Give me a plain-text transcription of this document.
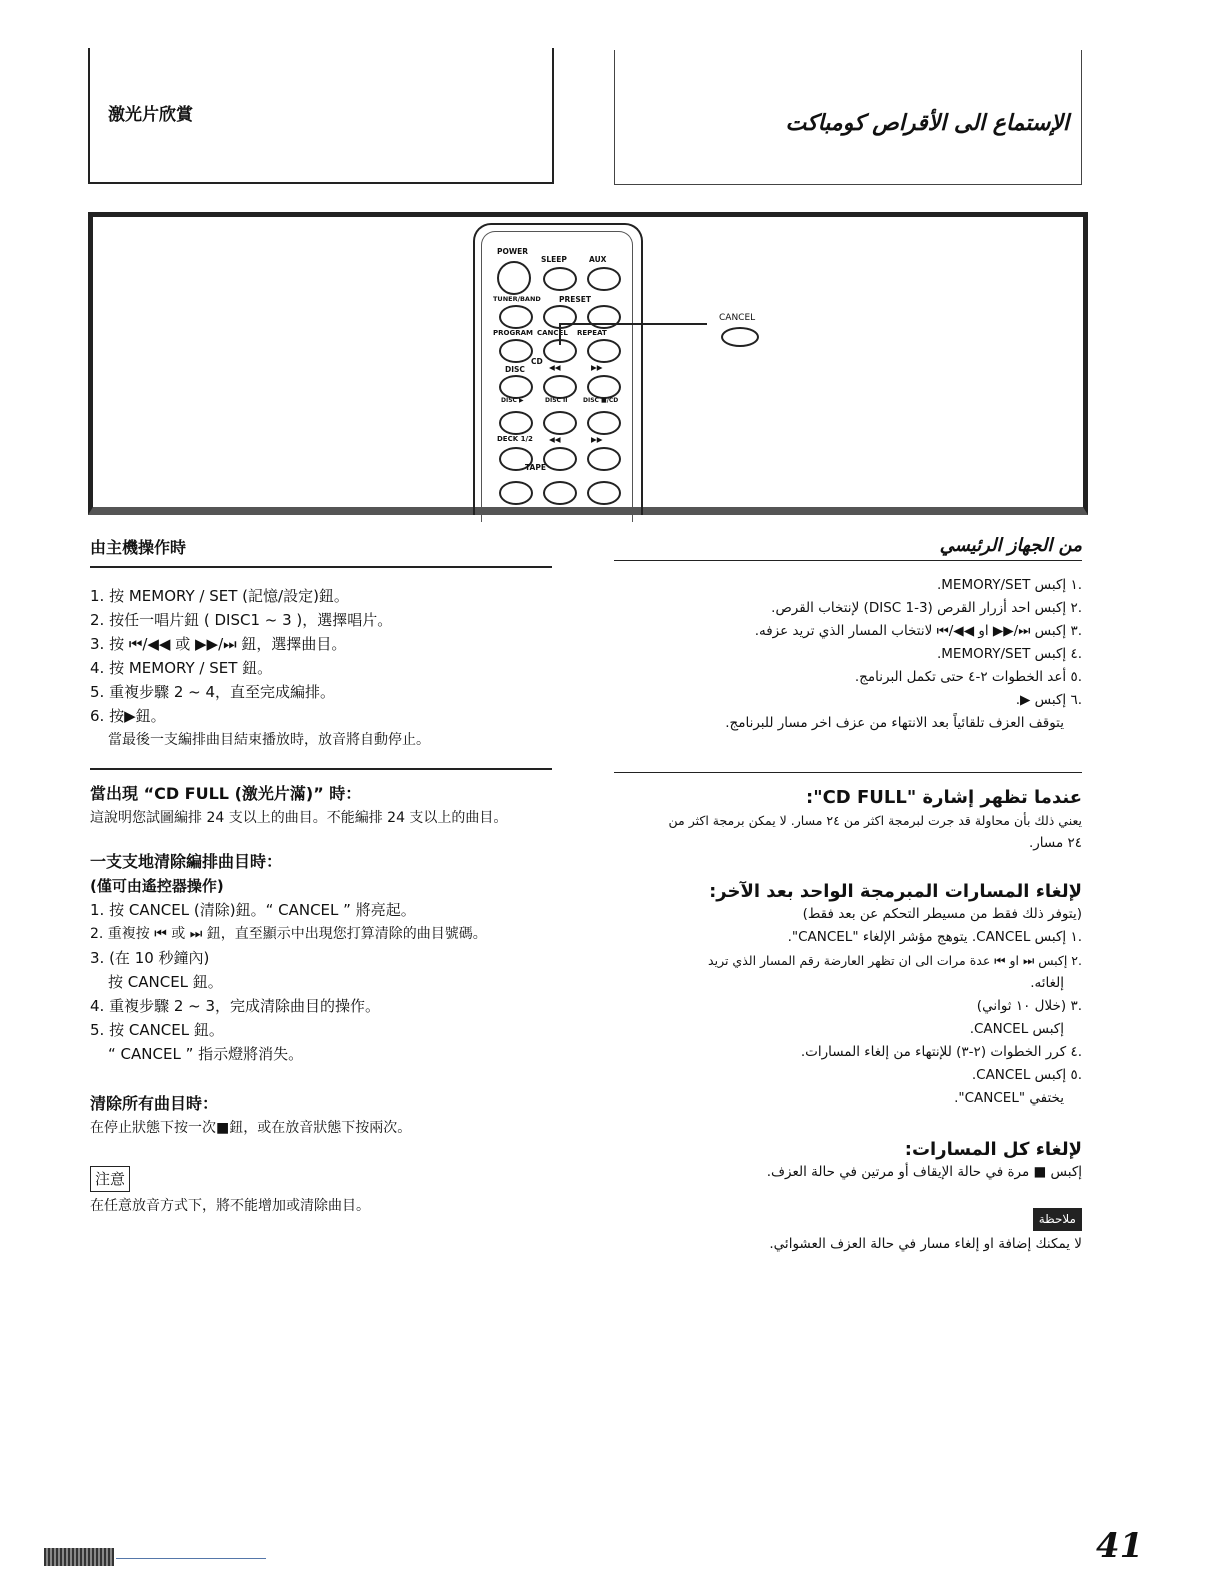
激光片欣賞	الإستماع الى الأقراص كومباكت
POWER
SLEEP	AUX
TUNER/BAND PRESET
PROGRAM CANCEL REPEAT
CD
DISC	◀◀	▶▶
DISC ▶	DISC II	DISC ■/CD
DECK 1/2 ◀◀	▶▶
TAPE
CANCEL
由主機操作時

1. 按 MEMORY / SET (記憶/設定)鈕。

2. 按任一唱片鈕 ( DISC1 ~ 3 )，選擇唱片。

3. 按 ⏮/◀◀ 或 ▶▶/⏭ 鈕，選擇曲目。

4. 按 MEMORY / SET 鈕。

5. 重複步驟 2 ~ 4，直至完成編排。

6. 按▶鈕。

當最後一支編排曲目結束播放時，放音將自動停止。

當出現 “CD FULL (激光片滿)” 時：

這說明您試圖編排 24 支以上的曲目。不能編排 24 支以上的曲目。

一支支地清除編排曲目時：

(僅可由遙控器操作)

1. 按 CANCEL (清除)鈕。“ CANCEL ” 將亮起。

2. 重複按 ⏮ 或 ⏭ 鈕，直至顯示中出現您打算清除的曲目號碼。

3. (在 10 秒鐘內)

按 CANCEL 鈕。

4. 重複步驟 2 ~ 3，完成清除曲目的操作。

5. 按 CANCEL 鈕。

“ CANCEL ” 指示燈將消失。

清除所有曲目時：

在停止狀態下按一次■鈕，或在放音狀態下按兩次。

注意

在任意放音方式下，將不能增加或清除曲目。

من الجهاز الرئيسي

.١ إكبس MEMORY/SET.

.٢ إكبس احد أزرار القرص (DISC 1-3) لإنتخاب القرص.

.٣ إكبس ⏭/▶▶ او ◀◀/⏮ لانتخاب المسار الذي تريد عزفه.

.٤ إكبس MEMORY/SET.

.٥ أعد الخطوات ٢-٤ حتى تكمل البرنامج.

.٦ إكبس ▶.

يتوقف العزف تلقائياً بعد الانتهاء من عزف اخر مسار للبرنامج.

عندما تظهر إشارة "CD FULL":

يعني ذلك بأن محاولة قد جرت لبرمجة اكثر من ٢٤ مسار. لا يمكن برمجة اكثر من

٢٤ مسار.

لإلغاء المسارات المبرمجة الواحد بعد الآخر:

(يتوفر ذلك فقط من مسيطر التحكم عن بعد فقط)

.١ إكبس CANCEL. يتوهج مؤشر الإلغاء "CANCEL".

.٢ إكبس ⏭ او ⏮ عدة مرات الى ان تظهر العارضة رقم المسار الذي تريد

إلغائه.

.٣ (خلال ١٠ ثواني)

إكبس CANCEL.

.٤ كرر الخطوات (٢-٣) للإنتهاء من إلغاء المسارات.

.٥ إكبس CANCEL.

يختفي "CANCEL".

لإلغاء كل المسارات:

إكبس ■ مرة في حالة الإيقاف أو مرتين في حالة العزف.

ملاحظة

لا يمكنك إضافة او إلغاء مسار في حالة العزف العشوائي.

41
